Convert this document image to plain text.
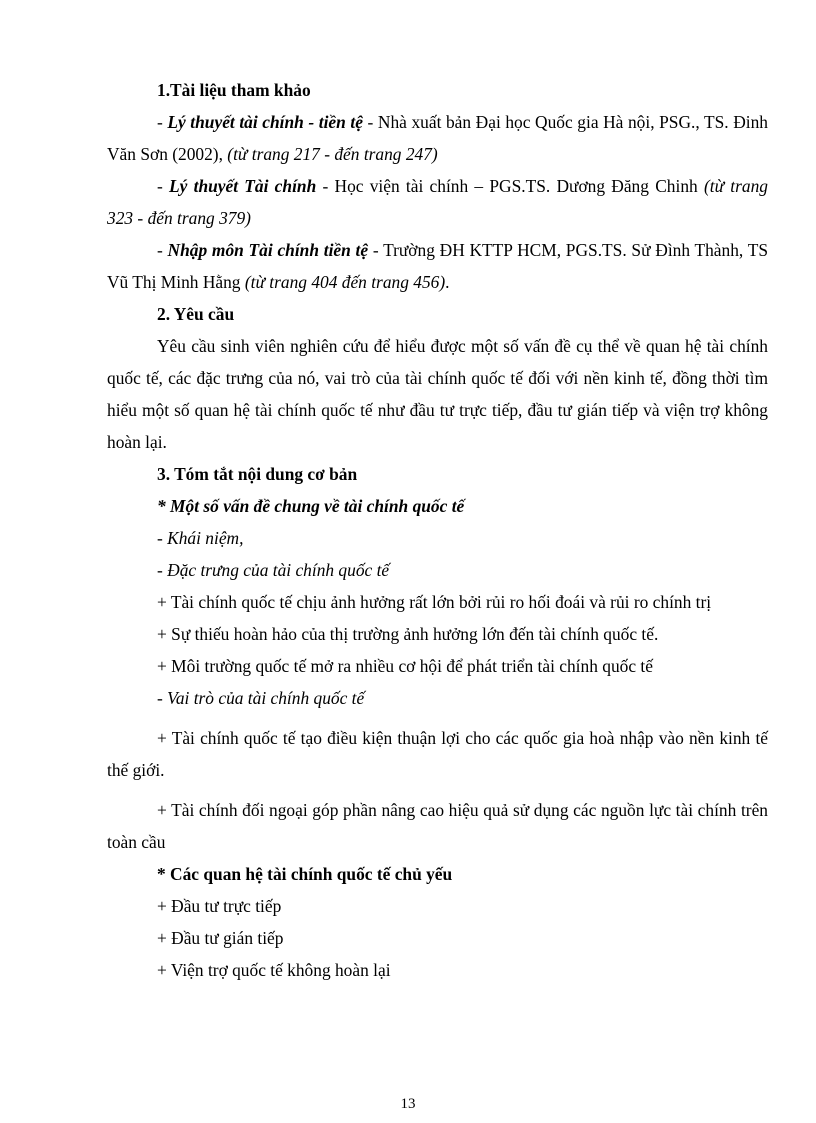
1.Tài liệu tham khảo

- Lý thuyết tài chính - tiền tệ - Nhà xuất bản Đại học Quốc gia Hà nội, PSG., TS. Đinh Văn Sơn (2002), (từ trang 217 - đến trang 247)

- Lý thuyết Tài chính - Học viện tài chính – PGS.TS. Dương Đăng Chinh (từ trang 323 - đến trang 379)

- Nhập môn Tài chính tiền tệ - Trường ĐH KTTP HCM, PGS.TS. Sử Đình Thành, TS Vũ Thị Minh Hằng (từ trang 404 đến trang 456).

2. Yêu cầu

Yêu cầu sinh viên nghiên cứu để hiểu được một số vấn đề cụ thể về quan hệ tài chính quốc tế, các đặc trưng của nó, vai trò của tài chính quốc tế đối với nền kinh tế, đồng thời tìm hiểu một số quan hệ tài chính quốc tế như đầu tư trực tiếp, đầu tư gián tiếp và viện trợ không hoàn lại.

3. Tóm tắt nội dung cơ bản

* Một số vấn đề chung về tài chính quốc tế

- Khái niệm,

- Đặc trưng của tài chính quốc tế

+ Tài chính quốc tế chịu ảnh hưởng rất lớn bởi rủi ro hối đoái và rủi ro chính trị

+ Sự thiếu hoàn hảo của thị trường ảnh hưởng lớn đến tài chính quốc tế.

+ Môi trường quốc tế mở ra nhiều cơ hội để phát triển tài chính quốc tế

- Vai trò của tài chính quốc tế

+ Tài chính quốc tế tạo điều kiện thuận lợi cho các quốc gia hoà nhập vào nền kinh tế thế giới.

+ Tài chính đối ngoại góp phần nâng cao hiệu quả sử dụng các nguồn lực tài chính trên toàn cầu

* Các quan hệ tài chính quốc tế chủ yếu

+ Đầu tư trực tiếp

+ Đầu tư gián tiếp

+ Viện trợ quốc tế không hoàn lại

13
